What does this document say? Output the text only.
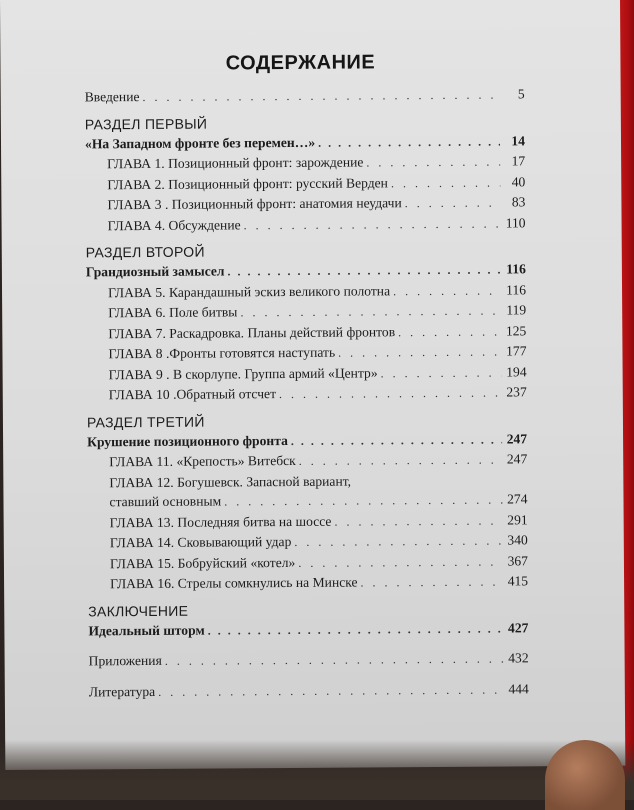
СОДЕРЖАНИЕ
Введение . . .	5
РАЗДЕЛ ПЕРВЫЙ
«На Западном фронте без перемен…» . . .	14
ГЛАВА 1. Позиционный фронт: зарождение . . .	17
ГЛАВА 2. Позиционный фронт: русский Верден . . .	40
ГЛАВА 3 . Позиционный фронт: анатомия неудачи . . .	83
ГЛАВА 4. Обсуждение . . .	110
РАЗДЕЛ ВТОРОЙ
Грандиозный замысел . . .	116
ГЛАВА 5. Карандашный эскиз великого полотна . . .	116
ГЛАВА 6. Поле битвы . . .	119
ГЛАВА 7. Раскадровка. Планы действий фронтов . . .	125
ГЛАВА 8 .Фронты готовятся наступать . . .	177
ГЛАВА 9 . В скорлупе. Группа армий «Центр» . . .	194
ГЛАВА 10 .Обратный отсчет . . .	237
РАЗДЕЛ ТРЕТИЙ
Крушение позиционного фронта . . .	247
ГЛАВА 11. «Крепость» Витебск . . .	247
ГЛАВА 12. Богушевск. Запасной вариант,
ставший основным . . .	274
ГЛАВА 13. Последняя битва на шоссе . . .	291
ГЛАВА 14. Сковывающий удар . . .	340
ГЛАВА 15. Бобруйский «котел» . . .	367
ГЛАВА 16. Стрелы сомкнулись на Минске . . .	415
ЗАКЛЮЧЕНИЕ
Идеальный шторм . . .	427
Приложения . . .	432
Литература . . .	444
